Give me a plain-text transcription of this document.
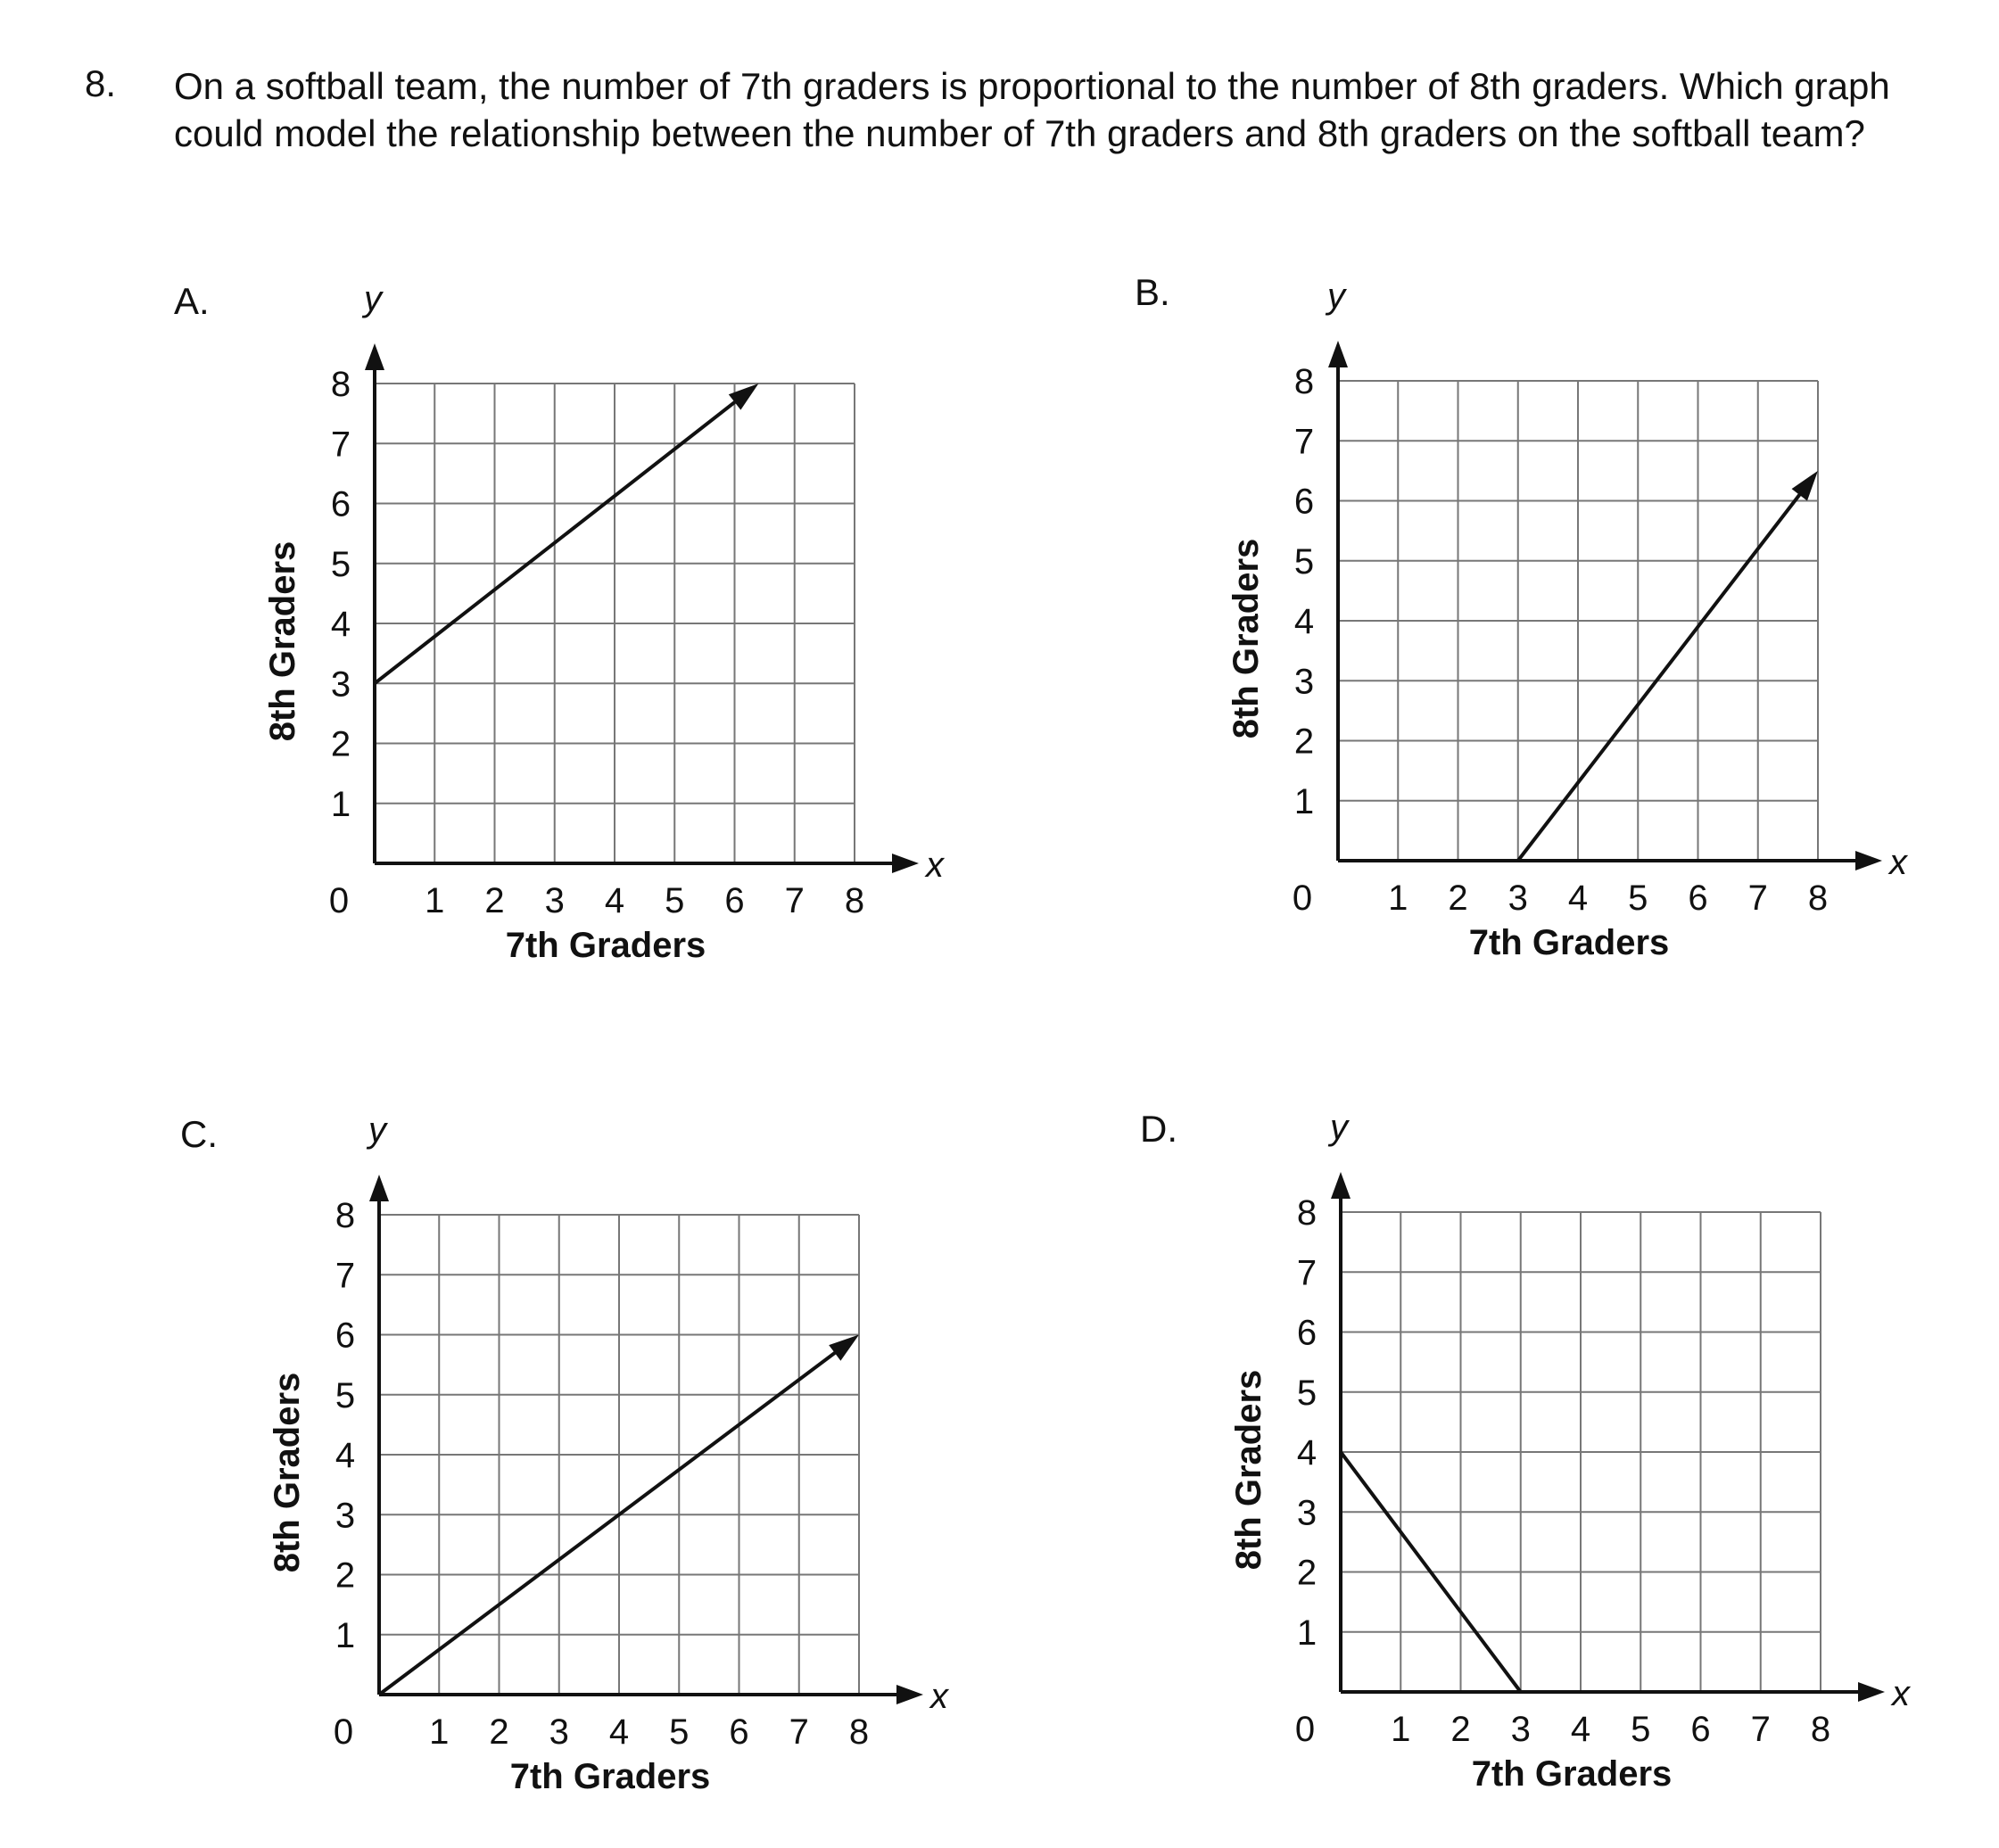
8. On a softball team, the number of 7th graders is proportional to the number of 8th graders. Which graph could model the relationship between the number of 7th graders and 8th graders on the softball team?
A.
x
y
0 1 2 3 4 5 6 7 8
1
2
3
4
5
6
7
8
7th Graders
8th Graders
B.
x
y
0 1 2 3 4 5 6 7 8
1
2
3
4
5
6
7
8
7th Graders
8th Graders
C.
x
y
0 1 2 3 4 5 6 7 8
1
2
3
4
5
6
7
8
7th Graders
8th Graders
D.
x
y
0 1 2 3 4 5 6 7 8
1
2
3
4
5
6
7
8
7th Graders
8th Graders
